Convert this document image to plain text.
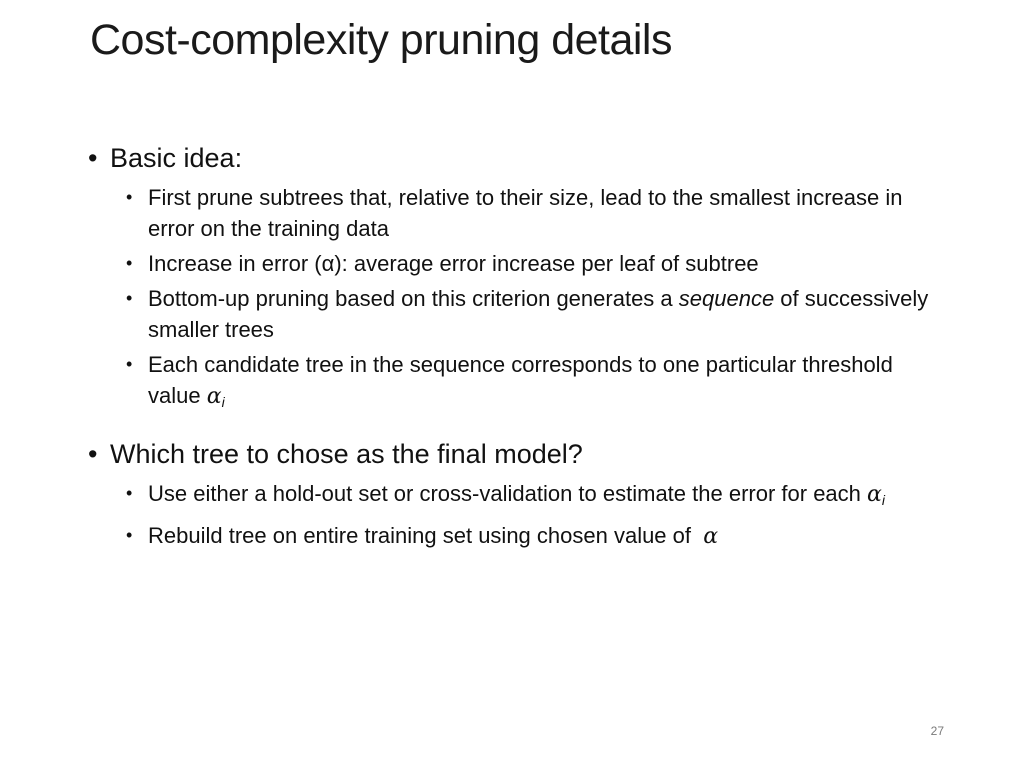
Cost-complexity pruning details
• Basic idea:
• First prune subtrees that, relative to their size, lead to the smallest increase in error on the training data
• Increase in error (α): average error increase per leaf of subtree
• Bottom-up pruning based on this criterion generates a sequence of successively smaller trees
• Each candidate tree in the sequence corresponds to one particular threshold value $\alpha_i$
• Which tree to chose as the final model?
• Use either a hold-out set or cross-validation to estimate the error for each $\alpha_i$
• Rebuild tree on entire training set using chosen value of  α
27
